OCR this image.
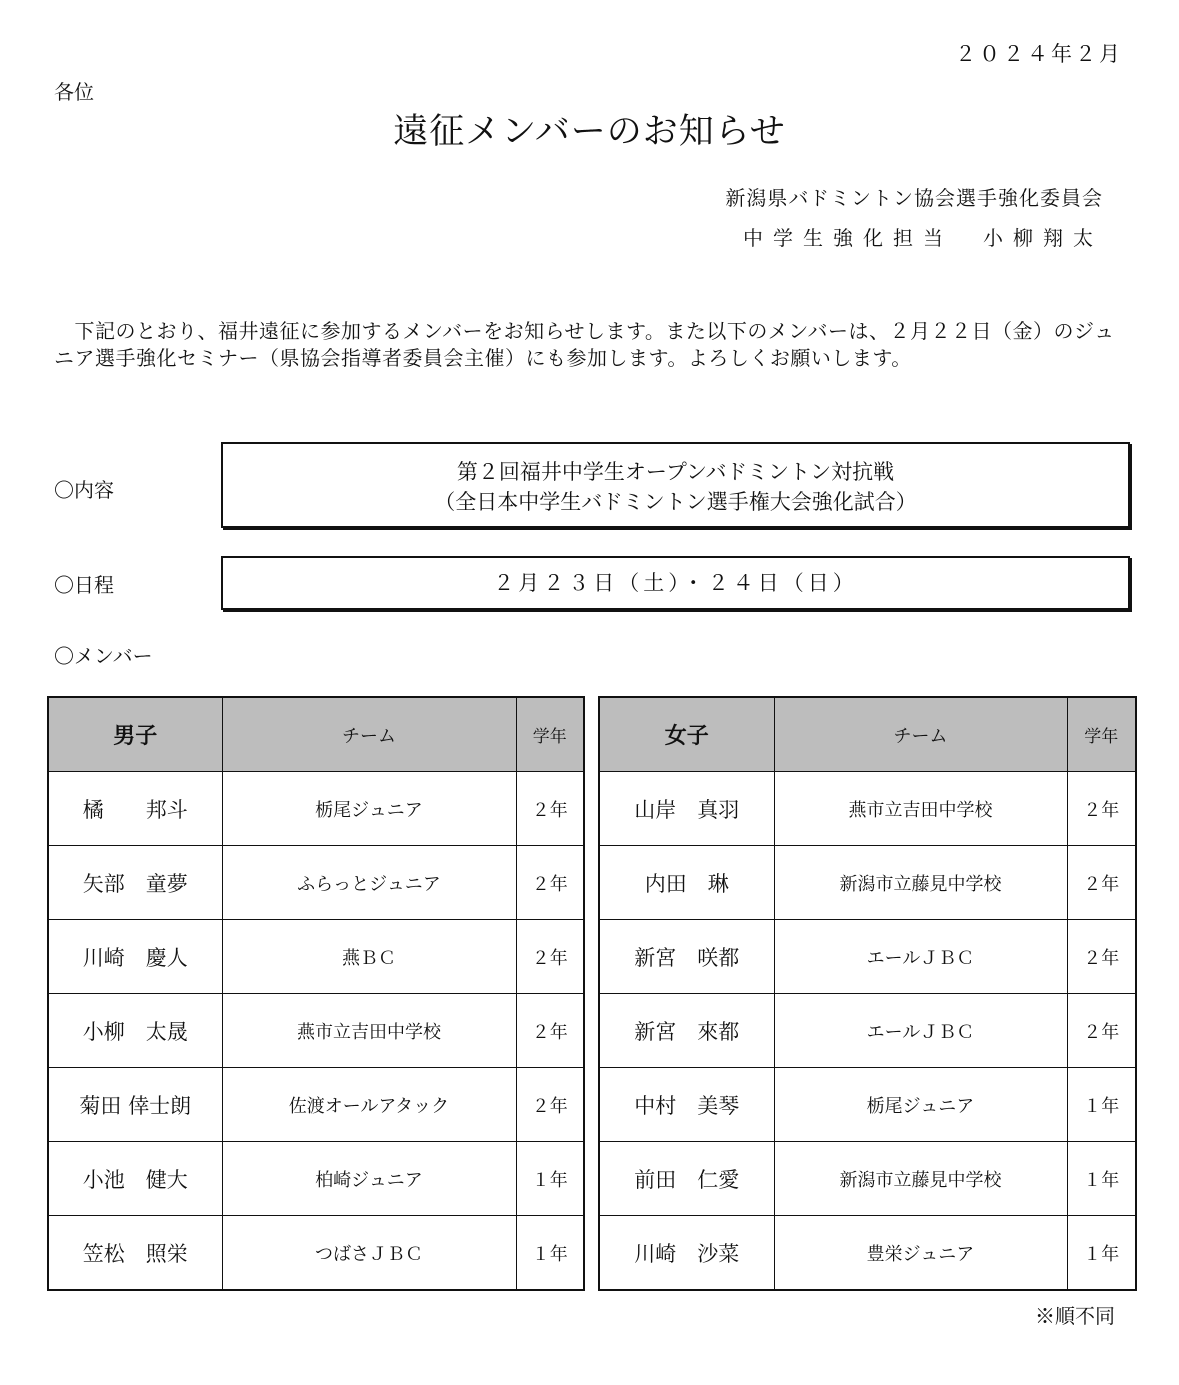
２０２４年２月
各位
遠征メンバーのお知らせ
新潟県バドミントン協会選手強化委員会
中学生強化担当　小柳翔太
　下記のとおり、福井遠征に参加するメンバーをお知らせします。また以下のメンバーは、２月２２日（金）のジュニア選手強化セミナー（県協会指導者委員会主催）にも参加します。よろしくお願いします。
〇内容
第２回福井中学生オープンバドミントン対抗戦
（全日本中学生バドミントン選手権大会強化試合）
〇日程	２月２３日（土）・２４日（日）
〇メンバー
男子	チーム	学年
橘　　邦斗	栃尾ジュニア	２年
矢部　童夢	ふらっとジュニア	２年
川崎　慶人	燕ＢＣ	２年
小柳　太晟	燕市立吉田中学校	２年
菊田 倖士朗	佐渡オールアタック	２年
小池　健大	柏崎ジュニア	１年
笠松　照栄	つばさＪＢＣ	１年
女子	チーム	学年
山岸　真羽	燕市立吉田中学校	２年
内田　琳	新潟市立藤見中学校	２年
新宮　咲都	エールＪＢＣ	２年
新宮　來都	エールＪＢＣ	２年
中村　美琴	栃尾ジュニア	１年
前田　仁愛	新潟市立藤見中学校	１年
川崎　沙菜	豊栄ジュニア	１年
※順不同
